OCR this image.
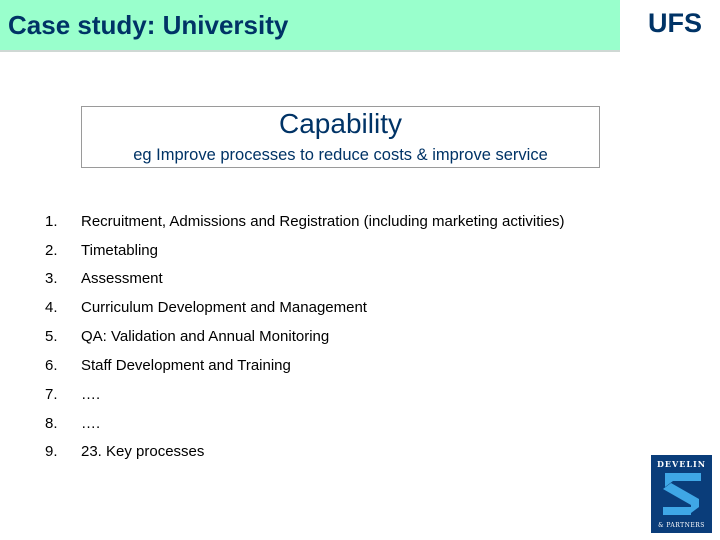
Case study: University	UFS
Capability
eg Improve processes to reduce costs & improve service
1. Recruitment, Admissions and Registration (including marketing activities)
2. Timetabling
3. Assessment
4. Curriculum Development and Management
5. QA: Validation and Annual Monitoring
6. Staff Development and Training
7. ….
8. ….
9. 23. Key processes
DEVELIN
& PARTNERS
